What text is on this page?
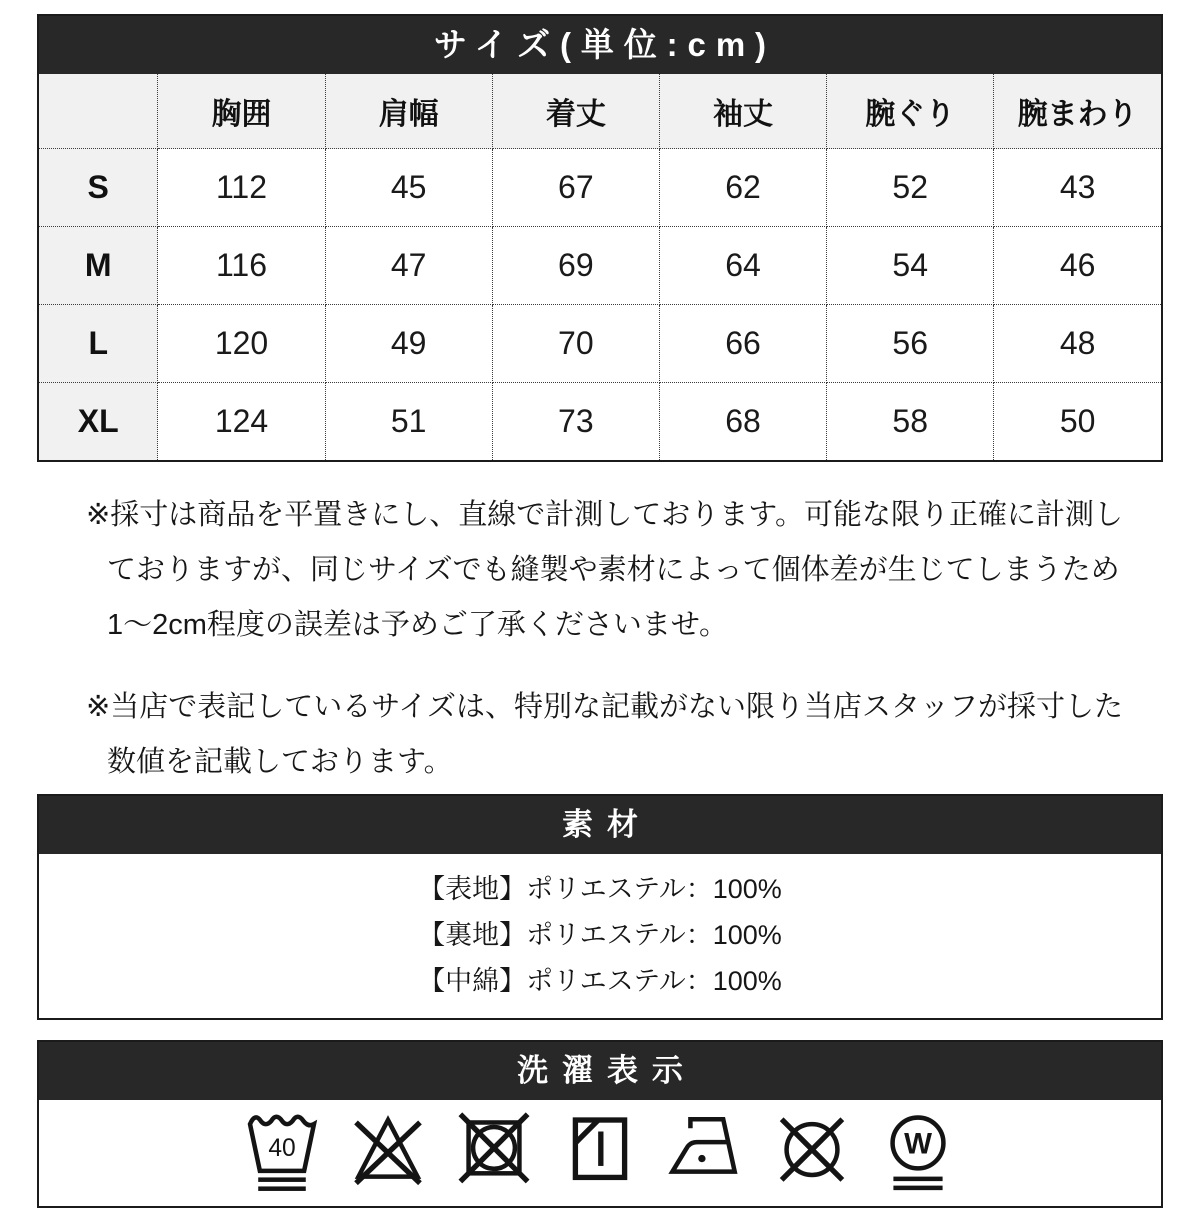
サイズ(単位:cm)
	胸囲	肩幅	着丈	袖丈	腕ぐり	腕まわり
S	112	45	67	62	52	43
M	116	47	69	64	54	46
L	120	49	70	66	56	48
XL	124	51	73	68	58	50
※採寸は商品を平置きにし、直線で計測しております。可能な限り正確に計測し
ておりますが、同じサイズでも縫製や素材によって個体差が生じてしまうため
1〜2cm程度の誤差は予めご了承くださいませ。
※当店で表記しているサイズは、特別な記載がない限り当店スタッフが採寸した
数値を記載しております。
素材
【表地】ポリエステル：100%
【裏地】ポリエステル：100%
【中綿】ポリエステル：100%
洗濯表示
40	W
